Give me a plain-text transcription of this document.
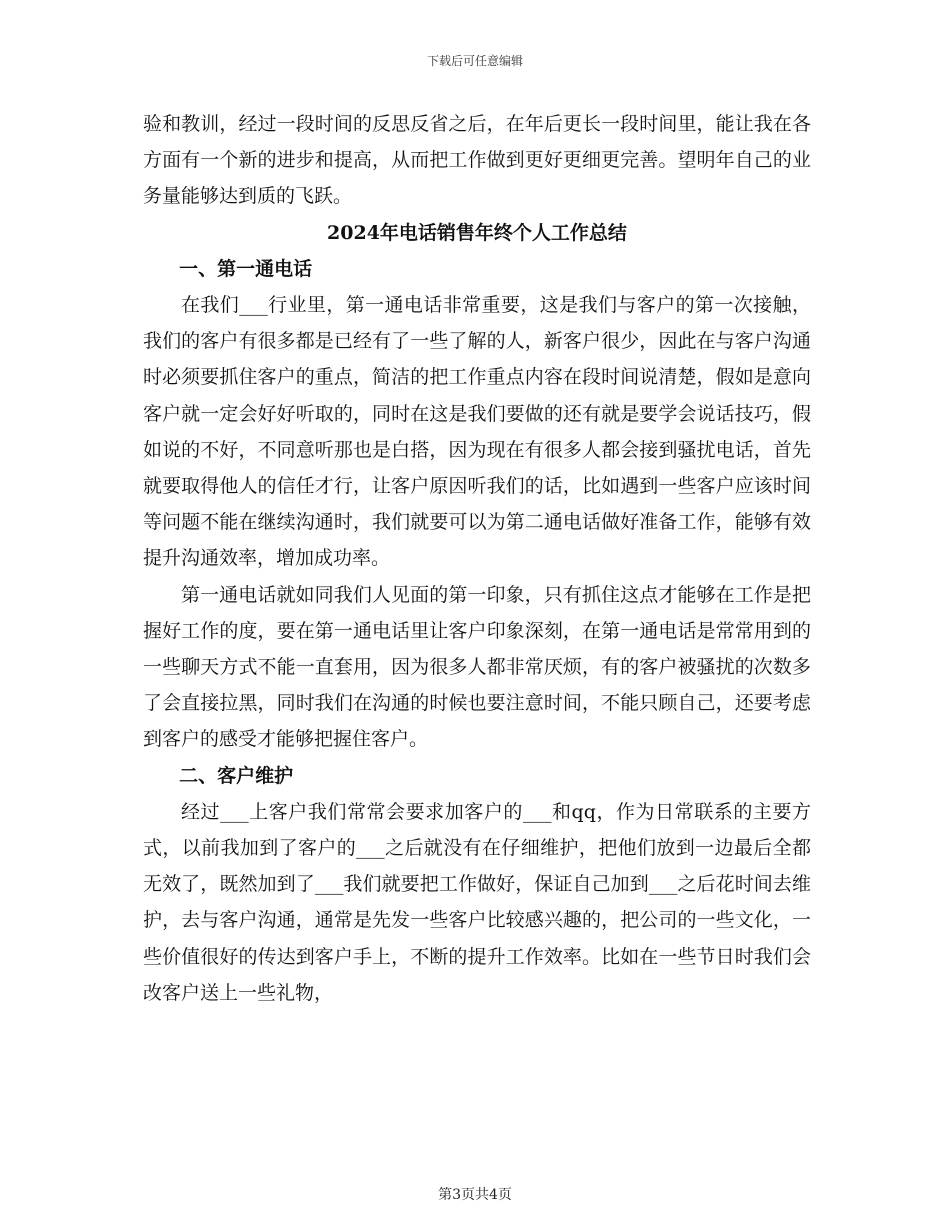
下载后可任意编辑

验和教训，经过一段时间的反思反省之后，在年后更长一段时间里，能让我在各方面有一个新的进步和提高，从而把工作做到更好更细更完善。望明年自己的业务量能够达到质的飞跃。

2024年电话销售年终个人工作总结

一、第一通电话

在我们___行业里，第一通电话非常重要，这是我们与客户的第一次接触，我们的客户有很多都是已经有了一些了解的人，新客户很少，因此在与客户沟通时必须要抓住客户的重点，简洁的把工作重点内容在段时间说清楚，假如是意向客户就一定会好好听取的，同时在这是我们要做的还有就是要学会说话技巧，假如说的不好，不同意听那也是白搭，因为现在有很多人都会接到骚扰电话，首先就要取得他人的信任才行，让客户原因听我们的话，比如遇到一些客户应该时间等问题不能在继续沟通时，我们就要可以为第二通电话做好准备工作，能够有效提升沟通效率，增加成功率。

第一通电话就如同我们人见面的第一印象，只有抓住这点才能够在工作是把握好工作的度，要在第一通电话里让客户印象深刻，在第一通电话是常常用到的一些聊天方式不能一直套用，因为很多人都非常厌烦，有的客户被骚扰的次数多了会直接拉黑，同时我们在沟通的时候也要注意时间，不能只顾自己，还要考虑到客户的感受才能够把握住客户。

二、客户维护

经过___上客户我们常常会要求加客户的___和qq，作为日常联系的主要方式，以前我加到了客户的___之后就没有在仔细维护，把他们放到一边最后全都无效了，既然加到了___我们就要把工作做好，保证自己加到___之后花时间去维护，去与客户沟通，通常是先发一些客户比较感兴趣的，把公司的一些文化，一些价值很好的传达到客户手上，不断的提升工作效率。比如在一些节日时我们会改客户送上一些礼物，

第3页共4页
